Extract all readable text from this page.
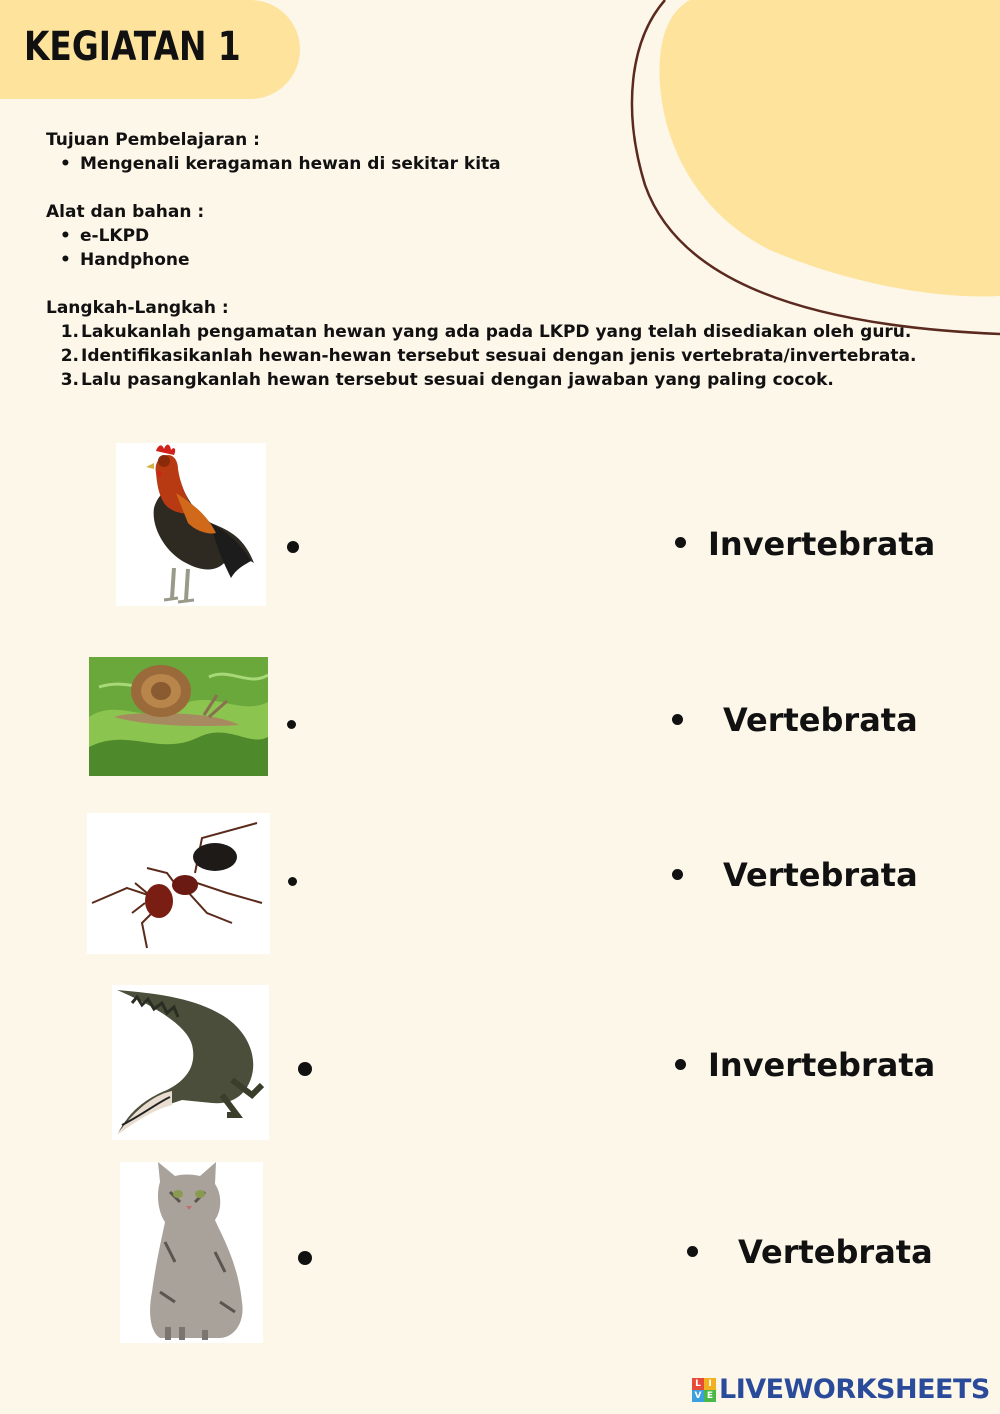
KEGIATAN 1

Tujuan Pembelajaran :

• Mengenali keragaman hewan di sekitar kita

Alat dan bahan :

• e-LKPD
• Handphone

Langkah-Langkah :

1. Lakukanlah pengamatan hewan yang ada pada LKPD yang telah disediakan oleh guru.
2. Identifikasikanlah hewan-hewan tersebut sesuai dengan jenis vertebrata/invertebrata.
3. Lalu pasangkanlah hewan tersebut sesuai dengan jawaban yang paling cocok.
Invertebrata
Vertebrata
Vertebrata
Invertebrata
Vertebrata
L I
V E LIVEWORKSHEETS
